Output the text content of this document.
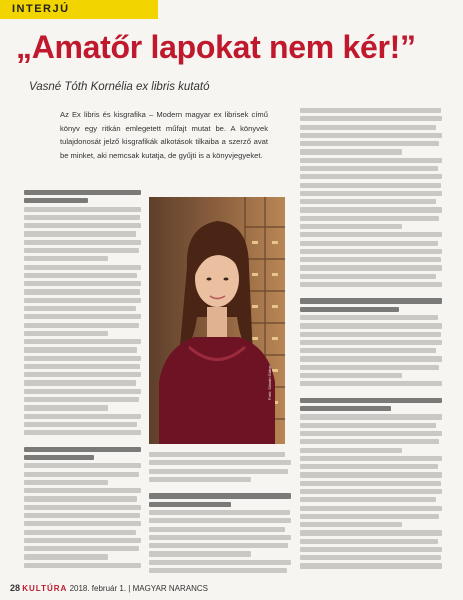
INTERJÚ
„Amatőr lapokat nem kér!”
Vasné Tóth Kornélia ex libris kutató
Az Ex libris és kisgrafika – Modern magyar ex librisek című könyv egy ritkán emlegetett műfajt mutat be. A könyvek tulajdonosát jelző kisgrafikák alkotások tilkaiba a szerző avat be minket, aki nemcsak kutatja, de gyűjti is a könyvjegyeket.
Fotó: Sióvári Gábor
28 KULTÚRA 2018. február 1. | MAGYAR NARANCS
